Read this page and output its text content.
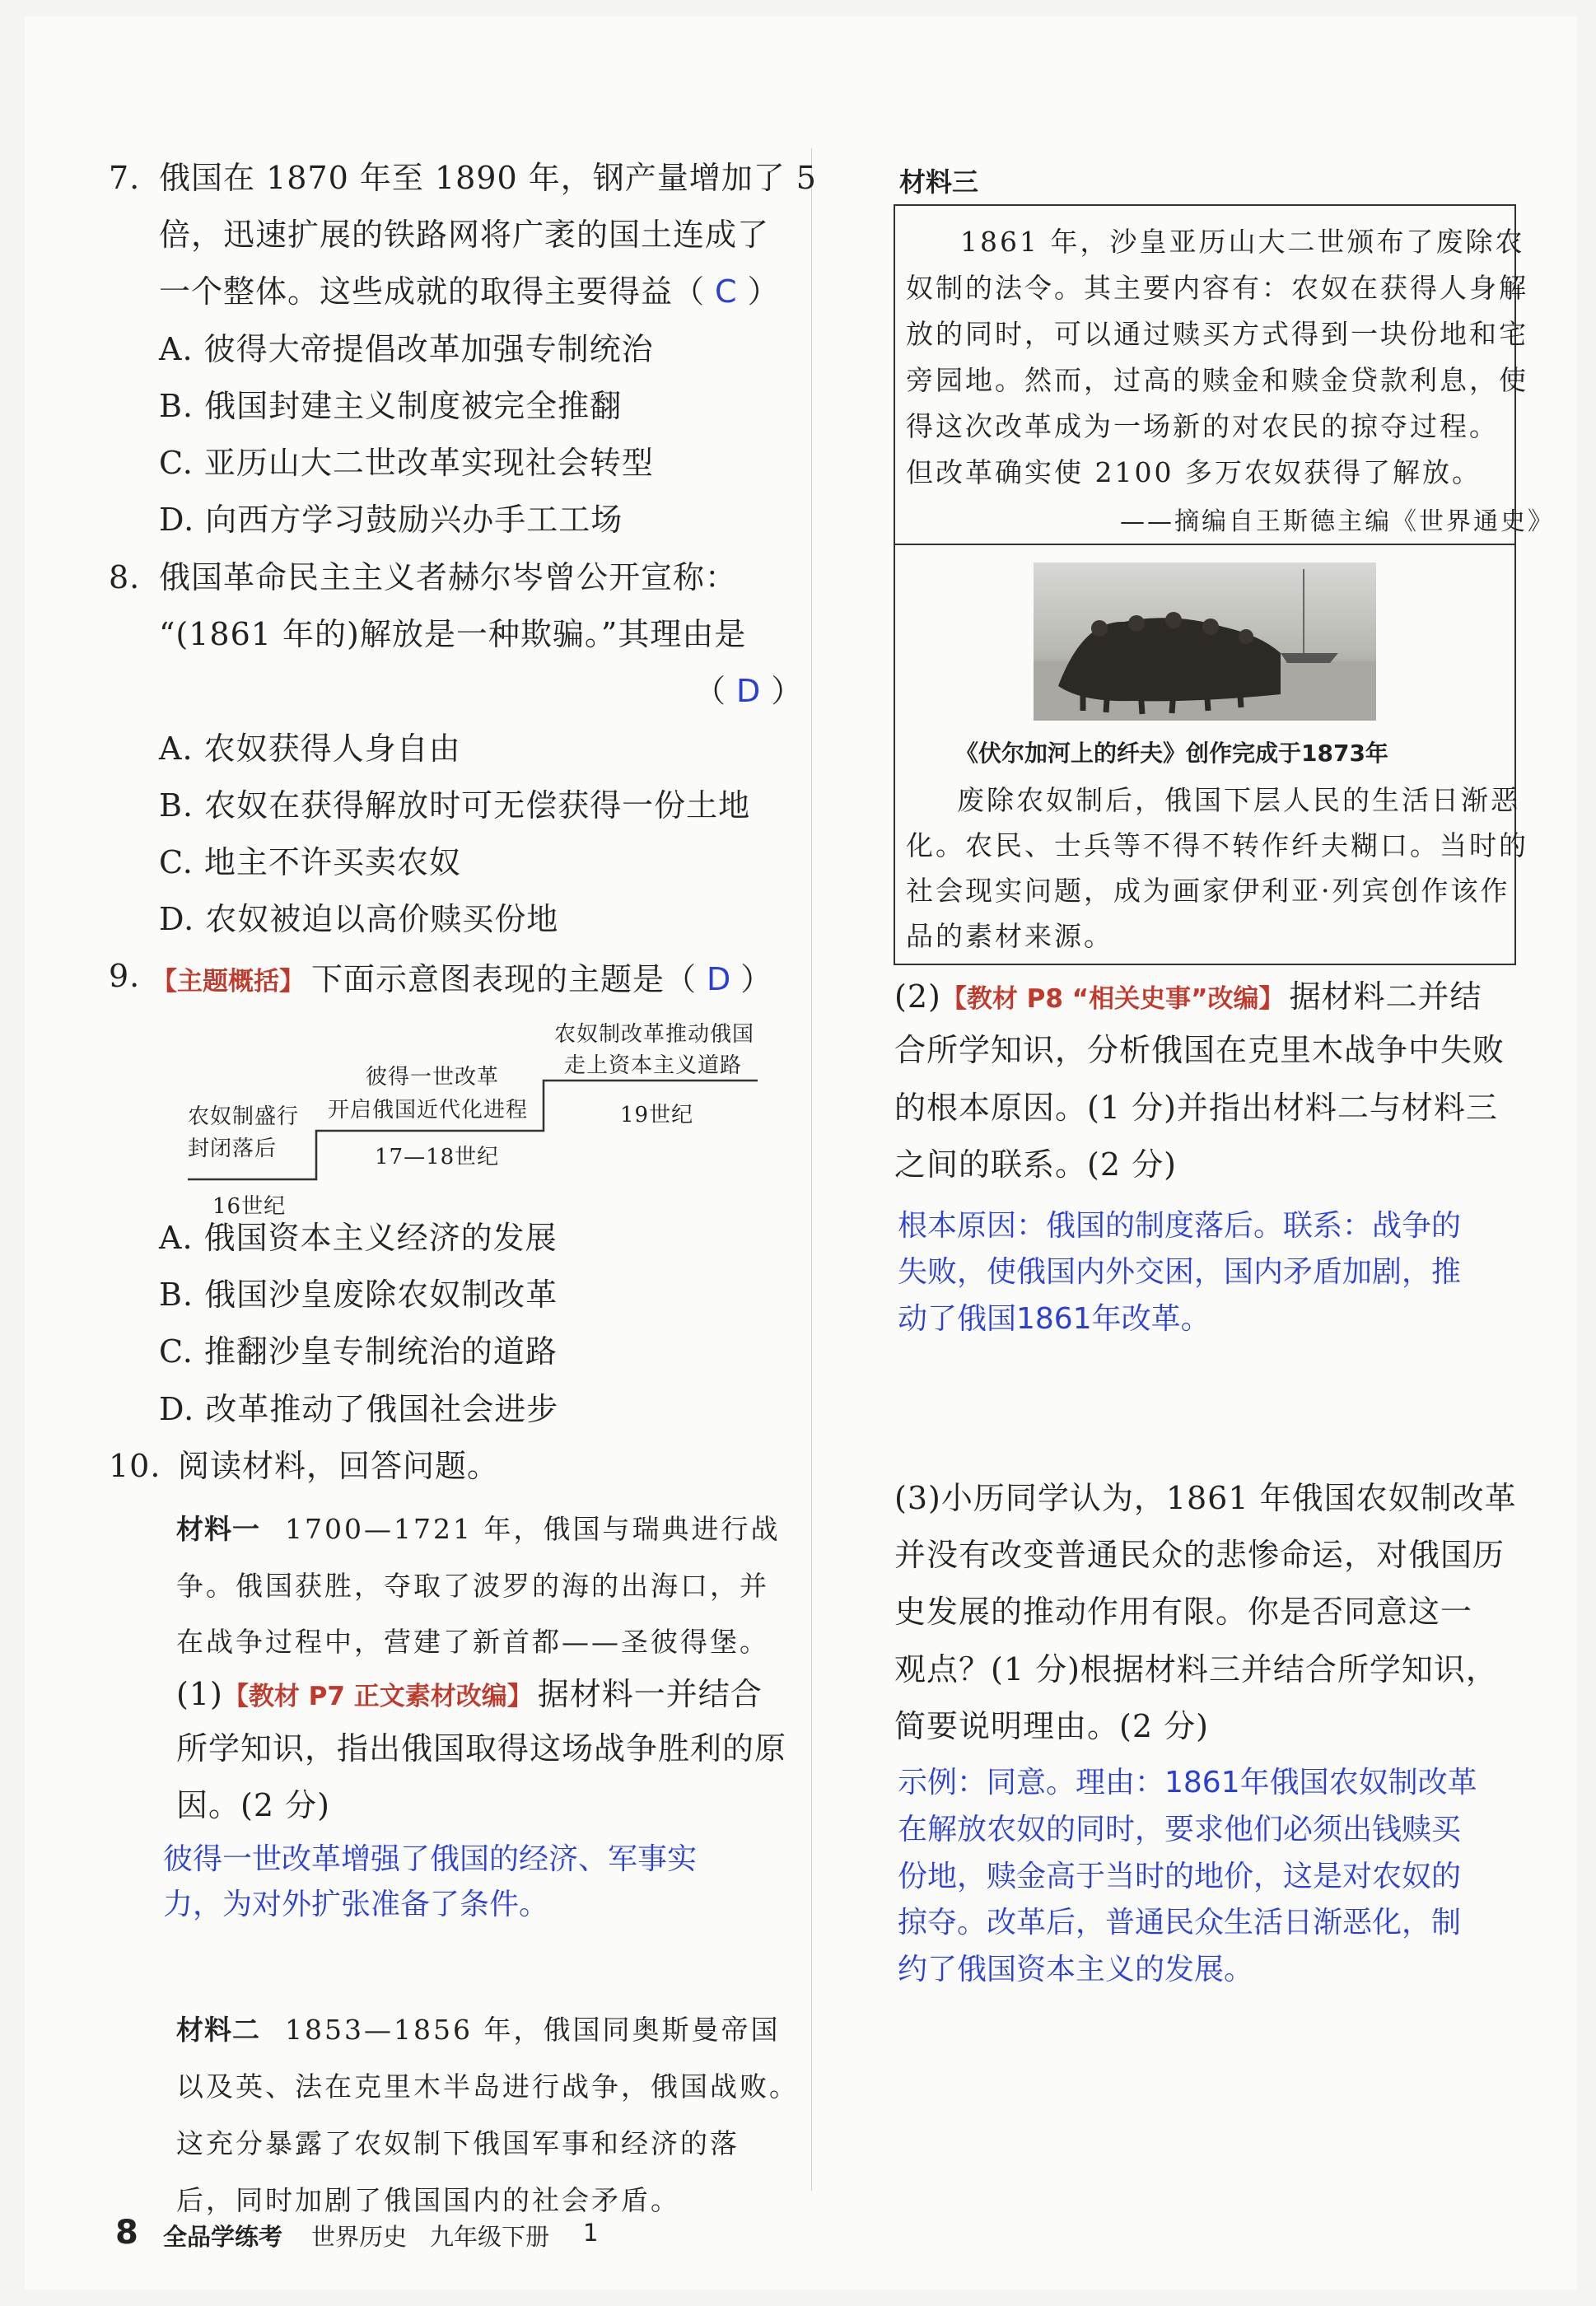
7. 俄国在 1870 年至 1890 年，钢产量增加了 5
倍，迅速扩展的铁路网将广袤的国土连成了
一个整体。这些成就的取得主要得益（ C ）
A. 彼得大帝提倡改革加强专制统治
B. 俄国封建主义制度被完全推翻
C. 亚历山大二世改革实现社会转型
D. 向西方学习鼓励兴办手工工场
8. 俄国革命民主主义者赫尔岑曾公开宣称：
“(1861 年的)解放是一种欺骗。”其理由是
（ D ）
A. 农奴获得人身自由
B. 农奴在获得解放时可无偿获得一份土地
C. 地主不许买卖农奴
D. 农奴被迫以高价赎买份地
9. 【主题概括】 下面示意图表现的主题是（ D ）
农奴制盛行
封闭落后
16世纪
彼得一世改革
开启俄国近代化进程
17—18世纪
农奴制改革推动俄国
走上资本主义道路
19世纪
A. 俄国资本主义经济的发展
B. 俄国沙皇废除农奴制改革
C. 推翻沙皇专制统治的道路
D. 改革推动了俄国社会进步
10. 阅读材料，回答问题。
材料一 1700—1721 年，俄国与瑞典进行战
争。俄国获胜，夺取了波罗的海的出海口，并
在战争过程中，营建了新首都——圣彼得堡。
(1)【教材 P7 正文素材改编】 据材料一并结合
所学知识，指出俄国取得这场战争胜利的原
因。(2 分)
彼得一世改革增强了俄国的经济、军事实
力，为对外扩张准备了条件。
材料二 1853—1856 年，俄国同奥斯曼帝国
以及英、法在克里木半岛进行战争，俄国战败。
这充分暴露了农奴制下俄国军事和经济的落
后，同时加剧了俄国国内的社会矛盾。
材料三
1861 年，沙皇亚历山大二世颁布了废除农
奴制的法令。其主要内容有：农奴在获得人身解
放的同时，可以通过赎买方式得到一块份地和宅
旁园地。然而，过高的赎金和赎金贷款利息，使
得这次改革成为一场新的对农民的掠夺过程。
但改革确实使 2100 多万农奴获得了解放。
——摘编自王斯德主编《世界通史》
《伏尔加河上的纤夫》创作完成于1873年
废除农奴制后，俄国下层人民的生活日渐恶
化。农民、士兵等不得不转作纤夫糊口。当时的
社会现实问题，成为画家伊利亚·列宾创作该作
品的素材来源。
(2)【教材 P8 “相关史事”改编】 据材料二并结
合所学知识，分析俄国在克里木战争中失败
的根本原因。(1 分)并指出材料二与材料三
之间的联系。(2 分)
根本原因：俄国的制度落后。联系：战争的
失败，使俄国内外交困，国内矛盾加剧，推
动了俄国1861年改革。
(3)小历同学认为，1861 年俄国农奴制改革
并没有改变普通民众的悲惨命运，对俄国历
史发展的推动作用有限。你是否同意这一
观点？(1 分)根据材料三并结合所学知识，
简要说明理由。(2 分)
示例：同意。理由：1861年俄国农奴制改革
在解放农奴的同时，要求他们必须出钱赎买
份地，赎金高于当时的地价，这是对农奴的
掠夺。改革后，普通民众生活日渐恶化，制
约了俄国资本主义的发展。
8 全品学练考 世界历史 九年级下册 1
